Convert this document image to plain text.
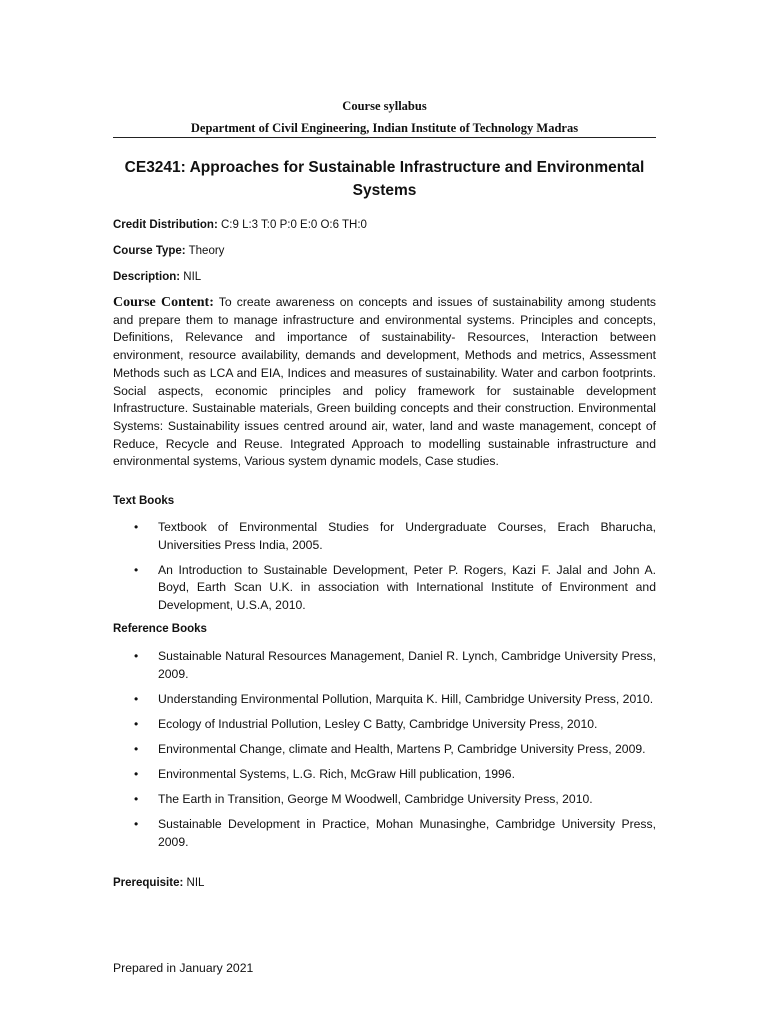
Course syllabus
Department of Civil Engineering, Indian Institute of Technology Madras
CE3241: Approaches for Sustainable Infrastructure and Environmental Systems
Credit Distribution: C:9 L:3 T:0 P:0 E:0 O:6 TH:0
Course Type: Theory
Description: NIL
Course Content: To create awareness on concepts and issues of sustainability among students and prepare them to manage infrastructure and environmental systems. Principles and concepts, Definitions, Relevance and importance of sustainability- Resources, Interaction between environment, resource availability, demands and development, Methods and metrics, Assessment Methods such as LCA and EIA, Indices and measures of sustainability. Water and carbon footprints. Social aspects, economic principles and policy framework for sustainable development Infrastructure. Sustainable materials, Green building concepts and their construction. Environmental Systems: Sustainability issues centred around air, water, land and waste management, concept of Reduce, Recycle and Reuse. Integrated Approach to modelling sustainable infrastructure and environmental systems, Various system dynamic models, Case studies.
Text Books
• Textbook of Environmental Studies for Undergraduate Courses, Erach Bharucha, Universities Press India, 2005.
• An Introduction to Sustainable Development, Peter P. Rogers, Kazi F. Jalal and John A. Boyd, Earth Scan U.K. in association with International Institute of Environment and Development, U.S.A, 2010.
Reference Books
• Sustainable Natural Resources Management, Daniel R. Lynch, Cambridge University Press, 2009.
• Understanding Environmental Pollution, Marquita K. Hill, Cambridge University Press, 2010.
• Ecology of Industrial Pollution, Lesley C Batty, Cambridge University Press, 2010.
• Environmental Change, climate and Health, Martens P, Cambridge University Press, 2009.
• Environmental Systems, L.G. Rich, McGraw Hill publication, 1996.
• The Earth in Transition, George M Woodwell, Cambridge University Press, 2010.
• Sustainable Development in Practice, Mohan Munasinghe, Cambridge University Press, 2009.
Prerequisite: NIL
Prepared in January 2021
